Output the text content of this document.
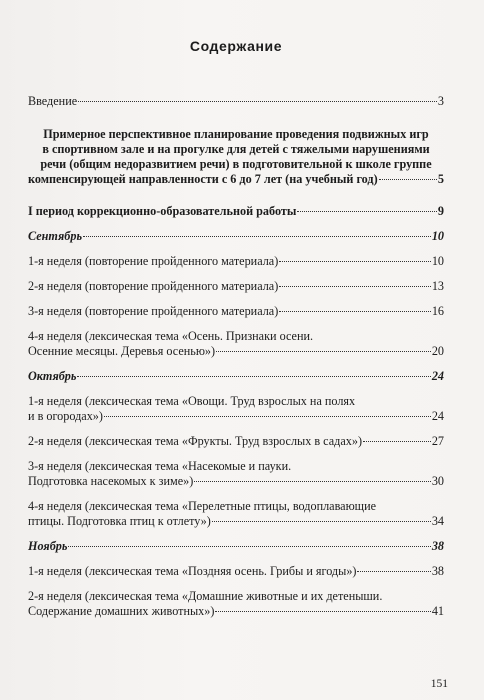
Содержание
Введение	3
Примерное перспективное планирование проведения подвижных игр
в спортивном зале и на прогулке для детей с тяжелыми нарушениями
речи (общим недоразвитием речи) в подготовительной к школе группе
компенсирующей направленности с 6 до 7 лет (на учебный год)	5
I период коррекционно-образовательной работы	9
Сентябрь	10
1-я неделя (повторение пройденного материала)	10
2-я неделя (повторение пройденного материала)	13
3-я неделя (повторение пройденного материала)	16
4-я неделя (лексическая тема «Осень. Признаки осени.
Осенние месяцы. Деревья осенью»)	20
Октябрь	24
1-я неделя (лексическая тема «Овощи. Труд взрослых на полях
и в огородах»)	24
2-я неделя (лексическая тема «Фрукты. Труд взрослых в садах»)	27
3-я неделя (лексическая тема «Насекомые и пауки.
Подготовка насекомых к зиме»)	30
4-я неделя (лексическая тема «Перелетные птицы, водоплавающие
птицы. Подготовка птиц к отлету»)	34
Ноябрь	38
1-я неделя (лексическая тема «Поздняя осень. Грибы и ягоды»)	38
2-я неделя (лексическая тема «Домашние животные и их детеныши.
Содержание домашних животных»)	41
151
